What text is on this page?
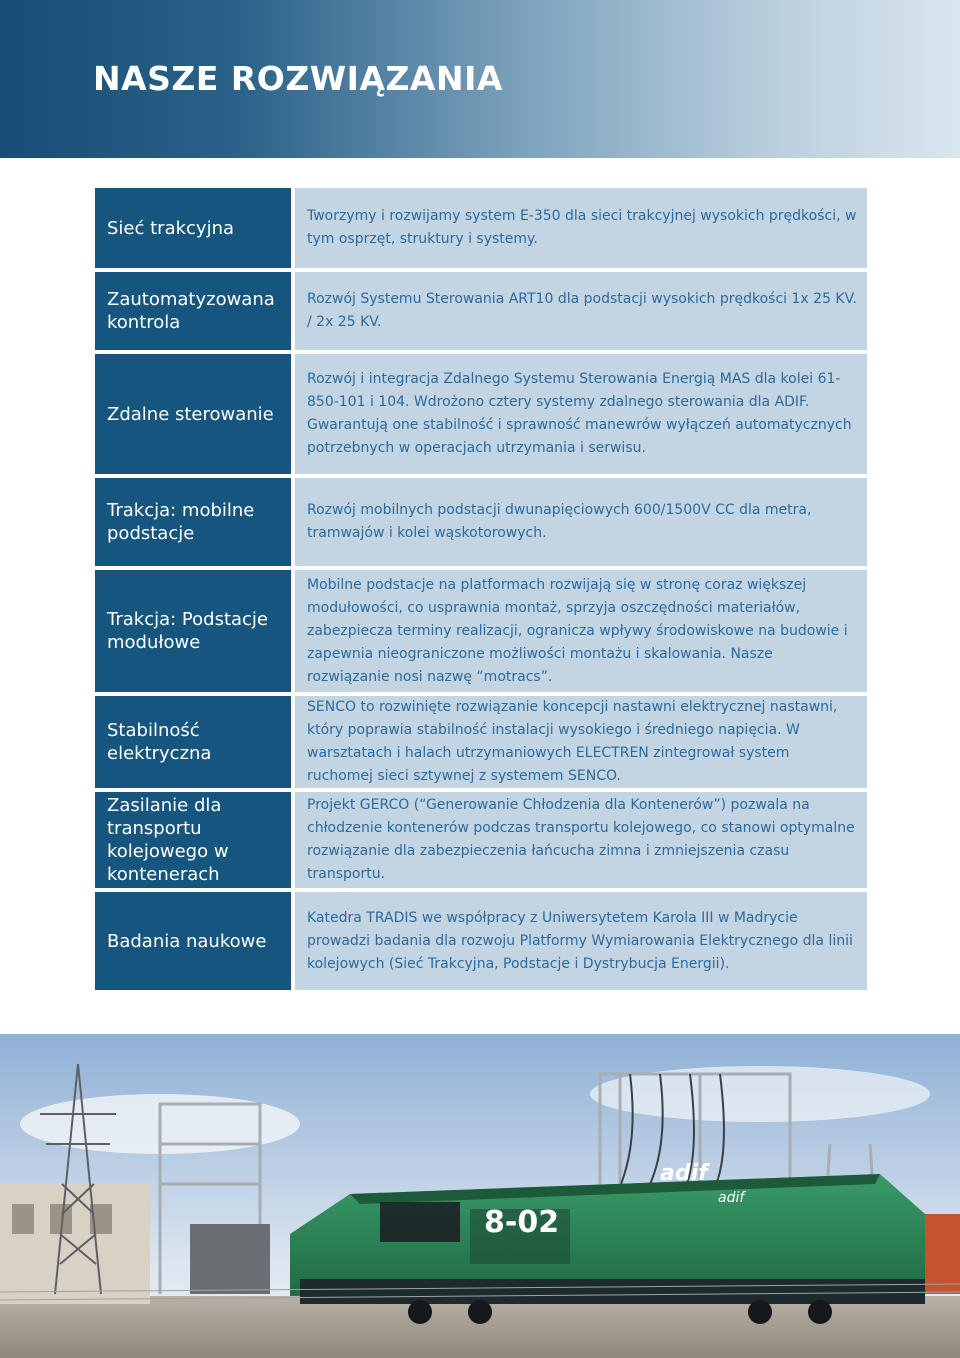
NASZE ROZWIĄZANIA
Sieć trakcyjna
Tworzymy i rozwijamy system E-350 dla sieci trakcyjnej wysokich prędkości, w tym osprzęt, struktury i systemy.
Zautomatyzowana kontrola
Rozwój Systemu Sterowania ART10 dla podstacji wysokich prędkości 1x 25 KV. / 2x 25 KV.
Zdalne sterowanie
Rozwój i integracja Zdalnego Systemu Sterowania Energią MAS dla kolei 61-850-101 i 104. Wdrożono cztery systemy zdalnego sterowania dla ADIF. Gwarantują one stabilność i sprawność manewrów wyłączeń automatycznych potrzebnych w operacjach utrzymania i serwisu.
Trakcja: mobilne podstacje
Rozwój mobilnych podstacji dwunapięciowych 600/1500V CC dla metra, tramwajów i kolei wąskotorowych.
Trakcja: Podstacje modułowe
Mobilne podstacje na platformach rozwijają się w stronę coraz większej modułowości, co usprawnia montaż, sprzyja oszczędności materiałów, zabezpiecza terminy realizacji, ogranicza wpływy środowiskowe na budowie i zapewnia nieograniczone możliwości montażu i skalowania. Nasze rozwiązanie nosi nazwę “motracs”.
Stabilność elektryczna
SENCO to rozwinięte rozwiązanie koncepcji nastawni elektrycznej nastawni, który poprawia stabilność instalacji wysokiego i średniego napięcia. W warsztatach i halach utrzymaniowych ELECTREN zintegrował system ruchomej sieci sztywnej z systemem SENCO.
Zasilanie dla transportu kolejowego w kontenerach
Projekt GERCO (“Generowanie Chłodzenia dla Kontenerów”) pozwala na chłodzenie kontenerów podczas transportu kolejowego, co stanowi optymalne rozwiązanie dla zabezpieczenia łańcucha zimna i zmniejszenia czasu transportu.
Badania naukowe
Katedra TRADIS we współpracy z Uniwersytetem Karola III w Madrycie prowadzi badania dla rozwoju Platformy Wymiarowania Elektrycznego dla linii kolejowych (Sieć Trakcyjna, Podstacje i Dystrybucja Energii).
8-02
adif
adif
